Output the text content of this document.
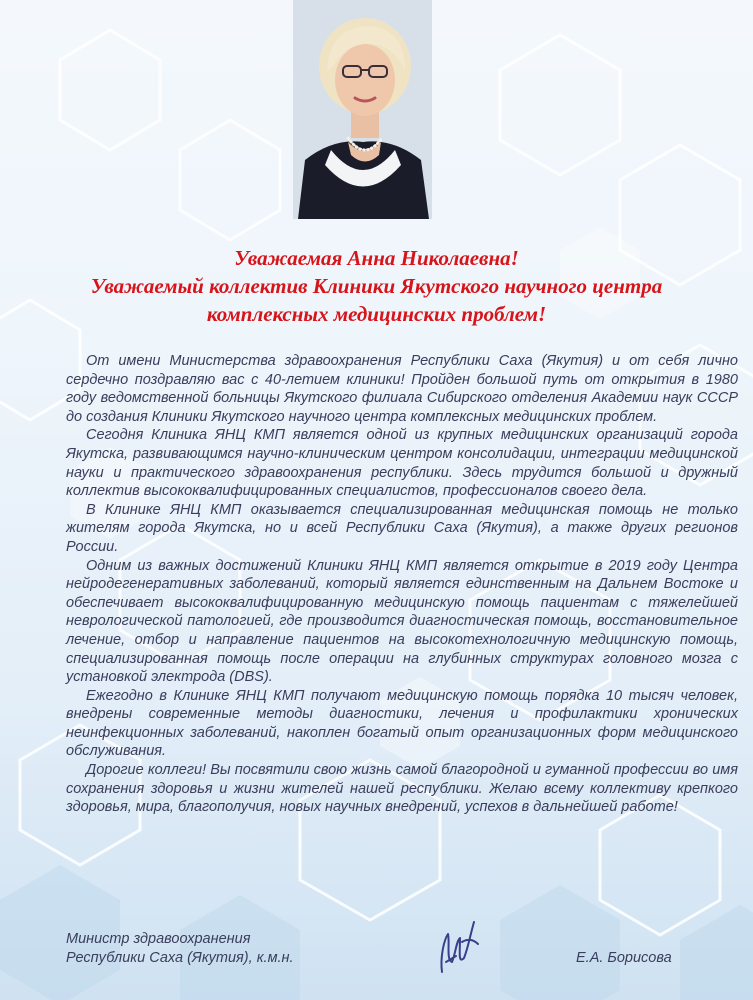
Уважаемая Анна Николаевна!
Уважаемый коллектив Клиники Якутского научного центра
комплексных медицинских проблем!

От имени Министерства здравоохранения Республики Саха (Якутия) и от себя лично сердечно поздравляю вас с 40-летием клиники! Пройден большой путь от открытия в 1980 году ведомственной больницы Якутского филиала Сибирского отделения Академии наук СССР до создания Клиники Якутского научного центра комплексных медицинских проблем.

Сегодня Клиника ЯНЦ КМП является одной из крупных медицинских организаций города Якутска, развивающимся научно-клиническим центром консолидации, интеграции медицинской науки и практического здравоохранения республики. Здесь трудится большой и дружный коллектив высококвалифицированных специалистов, профессионалов своего дела.

В Клинике ЯНЦ КМП оказывается специализированная медицинская помощь не только жителям города Якутска, но и всей Республики Саха (Якутия), а также других регионов России.

Одним из важных достижений Клиники ЯНЦ КМП является открытие в 2019 году Центра нейродегенеративных заболеваний, который является единственным на Дальнем Востоке и обеспечивает высококвалифицированную медицинскую помощь пациентам с тяжелейшей неврологической патологией, где производится диагностическая помощь, восстановительное лечение, отбор и направление пациентов на высокотехнологичную медицинскую помощь, специализированная помощь после операции на глубинных структурах головного мозга с установкой электрода (DBS).

Ежегодно в Клинике ЯНЦ КМП получают медицинскую помощь порядка 10 тысяч человек, внедрены современные методы диагностики, лечения и профилактики хронических неинфекционных заболеваний, накоплен богатый опыт организационных форм медицинского обслуживания.

Дорогие коллеги! Вы посвятили свою жизнь самой благородной и гуманной профессии во имя сохранения здоровья и жизни жителей нашей республики. Желаю всему коллективу крепкого здоровья, мира, благополучия, новых научных внедрений, успехов в дальнейшей работе!

Министр здравоохранения
Республики Саха (Якутия), к.м.н.	Е.А. Борисова
